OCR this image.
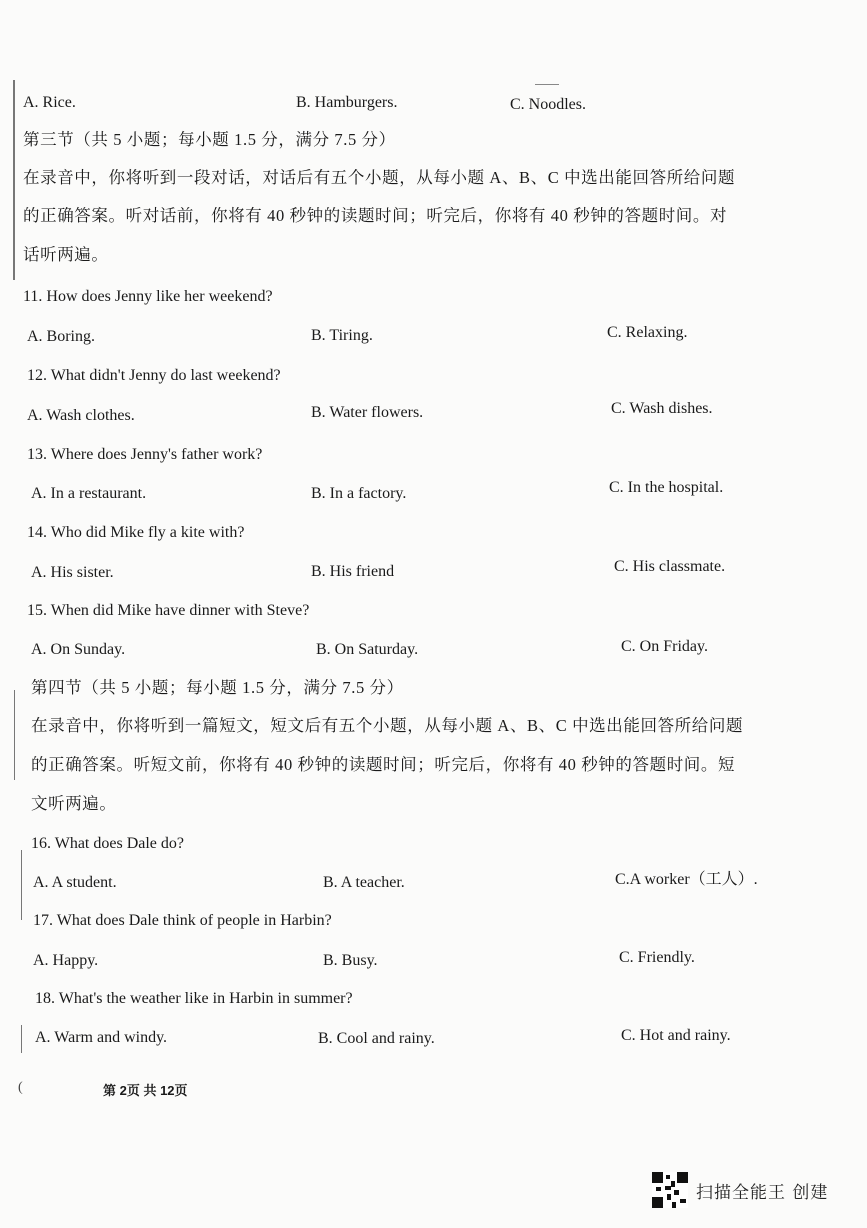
A. Rice.	B. Hamburgers.	C. Noodles.
第三节（共 5 小题；每小题 1.5 分，满分 7.5 分）
在录音中，你将听到一段对话，对话后有五个小题，从每小题 A、B、C 中选出能回答所给问题
的正确答案。听对话前，你将有 40 秒钟的读题时间；听完后，你将有 40 秒钟的答题时间。对
话听两遍。
11. How does Jenny like her weekend?
A. Boring.	B. Tiring.	C. Relaxing.
12. What didn't Jenny do last weekend?
A. Wash clothes.	B. Water flowers.	C. Wash dishes.
13. Where does Jenny's father work?
A. In a restaurant.	B. In a factory.	C. In the hospital.
14. Who did Mike fly a kite with?
A. His sister.	B. His friend	C. His classmate.
15. When did Mike have dinner with Steve?
A. On Sunday.	B. On Saturday.	C. On Friday.
第四节（共 5 小题；每小题 1.5 分，满分 7.5 分）
在录音中，你将听到一篇短文，短文后有五个小题，从每小题 A、B、C 中选出能回答所给问题
的正确答案。听短文前，你将有 40 秒钟的读题时间；听完后，你将有 40 秒钟的答题时间。短
文听两遍。
16. What does Dale do?
A. A student.	B. A teacher.	C.A worker（工人）.
17. What does Dale think of people in Harbin?
A. Happy.	B. Busy.	C. Friendly.
18. What's the weather like in Harbin in summer?
A. Warm and windy.	B. Cool and rainy.	C. Hot and rainy.
(	第 2页 共 12页
扫描全能王 创建
